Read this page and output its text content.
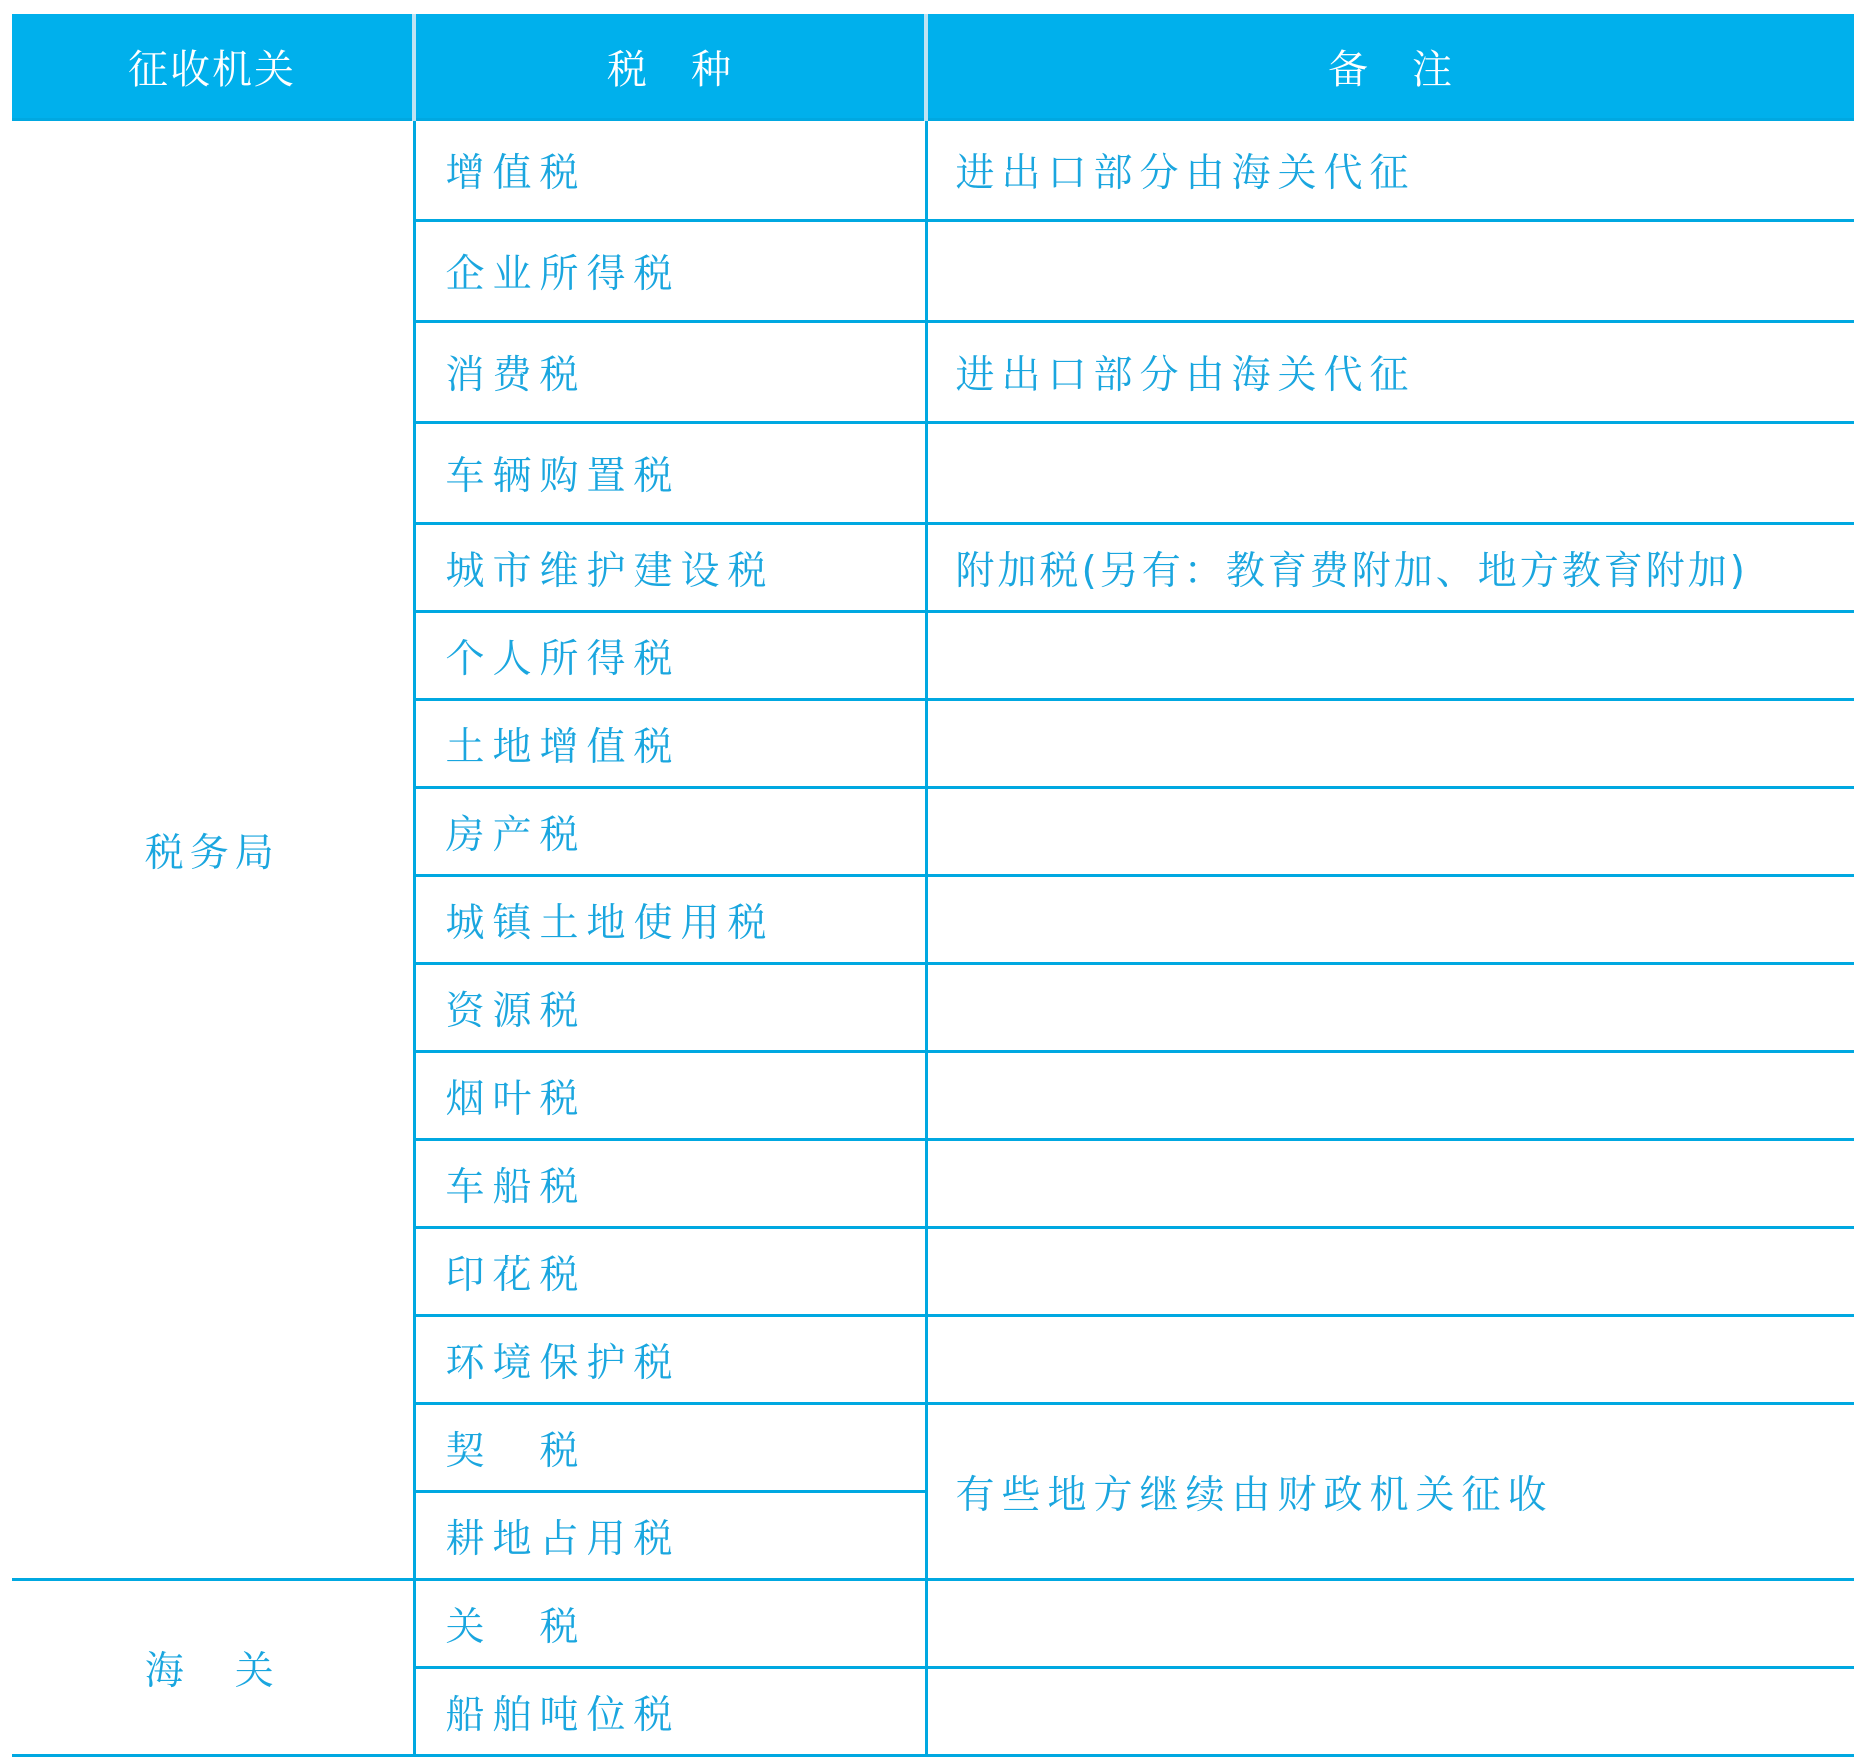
征收机关	税　种	备　注
税务局	增值税	进出口部分由海关代征
	企业所得税	
	消费税	进出口部分由海关代征
	车辆购置税	
	城市维护建设税	附加税(另有：教育费附加、地方教育附加)
	个人所得税	
	土地增值税	
	房产税	
	城镇土地使用税	
	资源税	
	烟叶税	
	车船税	
	印花税	
	环境保护税	
	契　税	有些地方继续由财政机关征收
	耕地占用税	
海　关	关　税	
	船舶吨位税	
